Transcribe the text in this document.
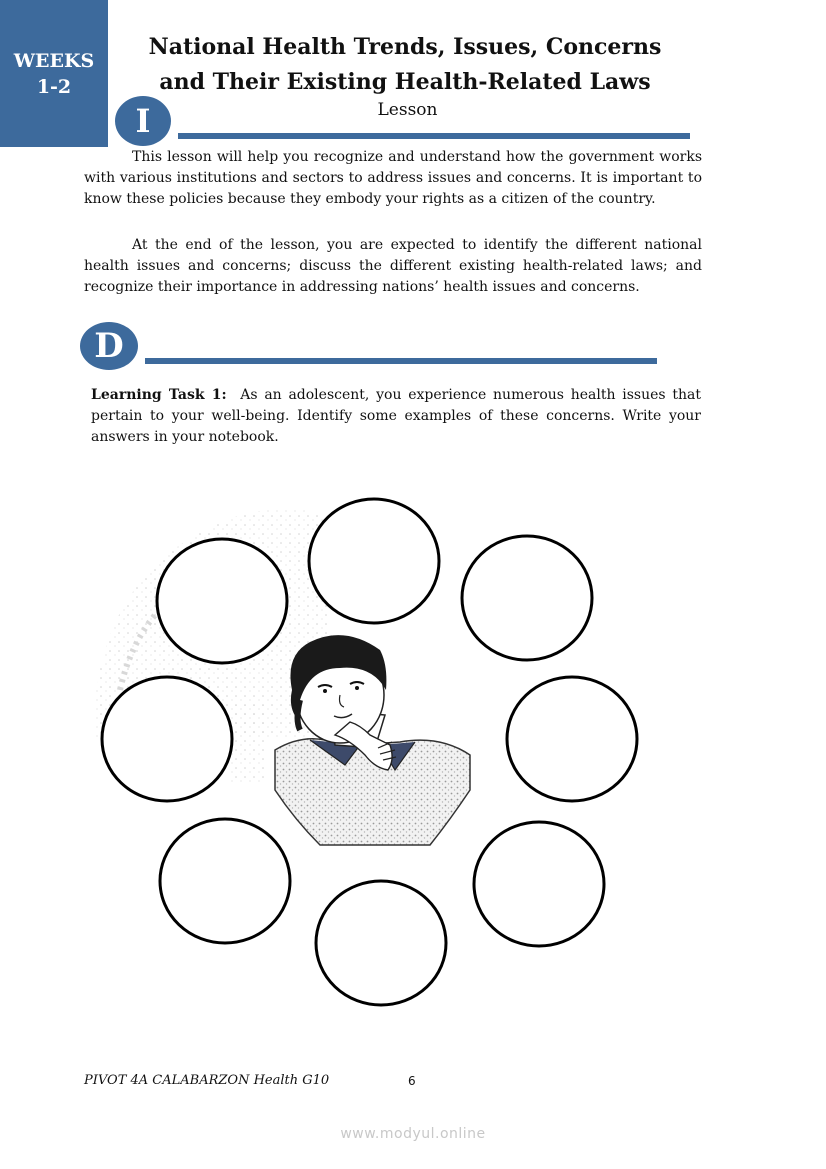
WEEKS
1-2
National Health Trends, Issues, Concerns
and Their Existing Health-Related Laws
I	Lesson

This lesson will help you recognize and understand how the government works with various institutions and sectors to address issues and concerns. It is important to know these policies because they embody your rights as a citizen of the country.

At the end of the lesson, you are expected to identify the different national health issues and concerns; discuss the different existing health-related laws; and recognize their importance in addressing nations’ health issues and concerns.

D

Learning Task 1: As an adolescent, you experience numerous health issues that pertain to your well-being. Identify some examples of these concerns. Write your answers in your notebook.

PIVOT 4A CALABARZON Health G10	6
www.modyul.online
